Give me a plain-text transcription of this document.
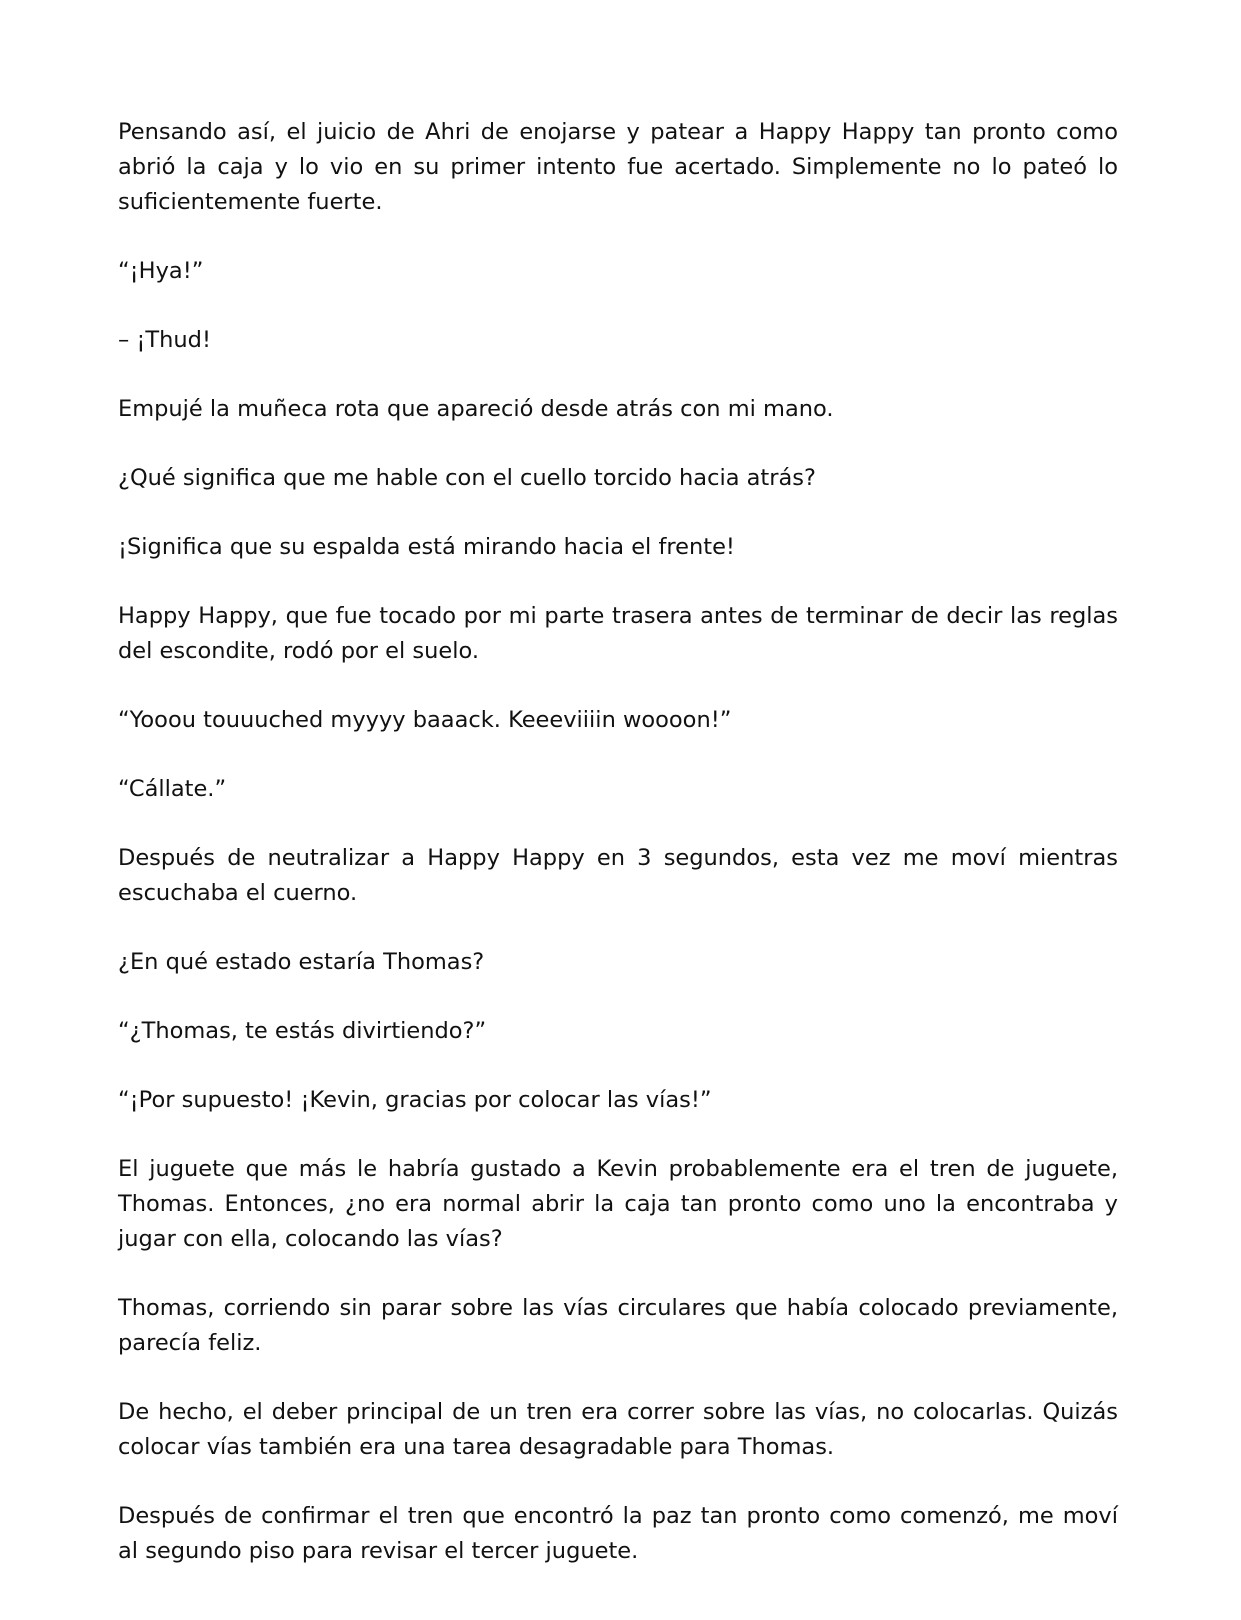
Pensando así, el juicio de Ahri de enojarse y patear a Happy Happy tan pronto como abrió la caja y lo vio en su primer intento fue acertado. Simplemente no lo pateó lo suficientemente fuerte.

“¡Hya!”

– ¡Thud!

Empujé la muñeca rota que apareció desde atrás con mi mano.

¿Qué significa que me hable con el cuello torcido hacia atrás?

¡Significa que su espalda está mirando hacia el frente!

Happy Happy, que fue tocado por mi parte trasera antes de terminar de decir las reglas del escondite, rodó por el suelo.

“Yooou touuuched myyyy baaack. Keeeviiiin woooon!”

“Cállate.”

Después de neutralizar a Happy Happy en 3 segundos, esta vez me moví mientras escuchaba el cuerno.

¿En qué estado estaría Thomas?

“¿Thomas, te estás divirtiendo?”

“¡Por supuesto! ¡Kevin, gracias por colocar las vías!”

El juguete que más le habría gustado a Kevin probablemente era el tren de juguete, Thomas. Entonces, ¿no era normal abrir la caja tan pronto como uno la encontraba y jugar con ella, colocando las vías?

Thomas, corriendo sin parar sobre las vías circulares que había colocado previamente, parecía feliz.

De hecho, el deber principal de un tren era correr sobre las vías, no colocarlas. Quizás colocar vías también era una tarea desagradable para Thomas.

Después de confirmar el tren que encontró la paz tan pronto como comenzó, me moví al segundo piso para revisar el tercer juguete.
